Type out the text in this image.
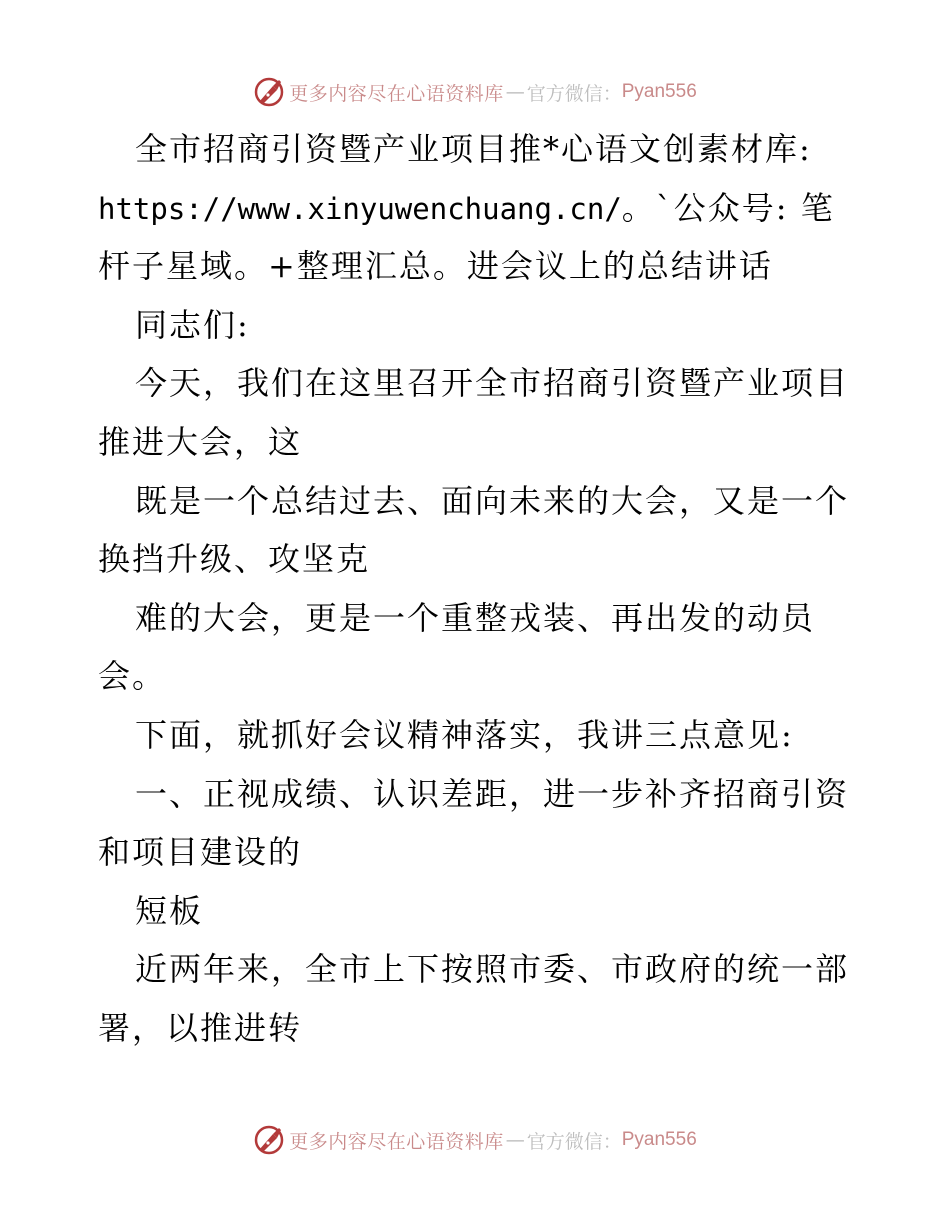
更多内容尽在心语资料库 — 官方微信： Pyan556
全市招商引资暨产业项目推*心语文创素材库:
https://www.xinyuwenchuang.cn/。`公众号: 笔
杆子星域。+整理汇总。进会议上的总结讲话
同志们:
今天，我们在这里召开全市招商引资暨产业项目
推进大会，这
既是一个总结过去、面向未来的大会，又是一个
换挡升级、攻坚克
难的大会，更是一个重整戎装、再出发的动员
会。
下面，就抓好会议精神落实，我讲三点意见:
一、正视成绩、认识差距，进一步补齐招商引资
和项目建设的
短板
近两年来，全市上下按照市委、市政府的统一部
署，以推进转
更多内容尽在心语资料库 — 官方微信： Pyan556
